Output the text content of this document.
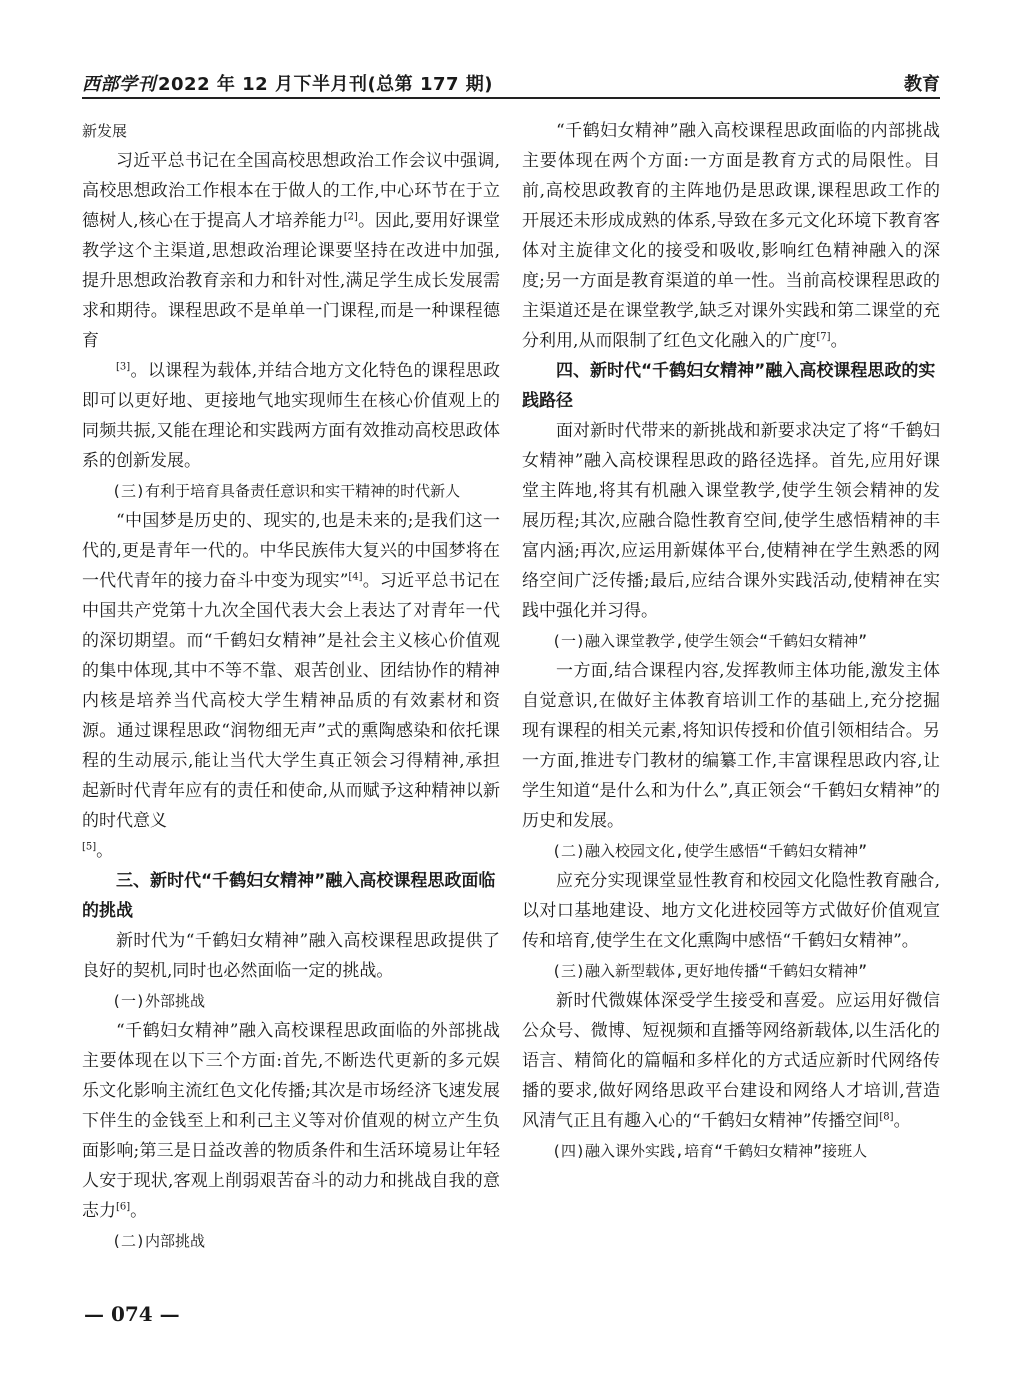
西部学刊 2022 年 12 月下半月刊(总第 177 期)	教育

新发展

习近平总书记在全国高校思想政治工作会议中强调,高校思想政治工作根本在于做人的工作,中心环节在于立德树人,核心在于提高人才培养能力[2]。因此,要用好课堂教学这个主渠道,思想政治理论课要坚持在改进中加强,提升思想政治教育亲和力和针对性,满足学生成长发展需求和期待。课程思政不是单单一门课程,而是一种课程德育

[3]。以课程为载体,并结合地方文化特色的课程思政即可以更好地、更接地气地实现师生在核心价值观上的同频共振,又能在理论和实践两方面有效推动高校思政体系的创新发展。

(三)有利于培育具备责任意识和实干精神的时代新人

“中国梦是历史的、现实的,也是未来的;是我们这一代的,更是青年一代的。中华民族伟大复兴的中国梦将在一代代青年的接力奋斗中变为现实”[4]。习近平总书记在中国共产党第十九次全国代表大会上表达了对青年一代的深切期望。而“千鹤妇女精神”是社会主义核心价值观的集中体现,其中不等不靠、艰苦创业、团结协作的精神内核是培养当代高校大学生精神品质的有效素材和资源。通过课程思政“润物细无声”式的熏陶感染和依托课程的生动展示,能让当代大学生真正领会习得精神,承担起新时代青年应有的责任和使命,从而赋予这种精神以新的时代意义

[5]。

三、新时代“千鹤妇女精神”融入高校课程思政面临的挑战

新时代为“千鹤妇女精神”融入高校课程思政提供了良好的契机,同时也必然面临一定的挑战。

(一)外部挑战

“千鹤妇女精神”融入高校课程思政面临的外部挑战主要体现在以下三个方面:首先,不断迭代更新的多元娱乐文化影响主流红色文化传播;其次是市场经济飞速发展下伴生的金钱至上和利己主义等对价值观的树立产生负面影响;第三是日益改善的物质条件和生活环境易让年轻人安于现状,客观上削弱艰苦奋斗的动力和挑战自我的意志力[6]。

(二)内部挑战

“千鹤妇女精神”融入高校课程思政面临的内部挑战主要体现在两个方面:一方面是教育方式的局限性。目前,高校思政教育的主阵地仍是思政课,课程思政工作的开展还未形成成熟的体系,导致在多元文化环境下教育客体对主旋律文化的接受和吸收,影响红色精神融入的深度;另一方面是教育渠道的单一性。当前高校课程思政的主渠道还是在课堂教学,缺乏对课外实践和第二课堂的充分利用,从而限制了红色文化融入的广度[7]。

四、新时代“千鹤妇女精神”融入高校课程思政的实践路径

面对新时代带来的新挑战和新要求决定了将“千鹤妇女精神”融入高校课程思政的路径选择。首先,应用好课堂主阵地,将其有机融入课堂教学,使学生领会精神的发展历程;其次,应融合隐性教育空间,使学生感悟精神的丰富内涵;再次,应运用新媒体平台,使精神在学生熟悉的网络空间广泛传播;最后,应结合课外实践活动,使精神在实践中强化并习得。

(一)融入课堂教学,使学生领会“千鹤妇女精神”

一方面,结合课程内容,发挥教师主体功能,激发主体自觉意识,在做好主体教育培训工作的基础上,充分挖掘现有课程的相关元素,将知识传授和价值引领相结合。另一方面,推进专门教材的编纂工作,丰富课程思政内容,让学生知道“是什么和为什么”,真正领会“千鹤妇女精神”的历史和发展。

(二)融入校园文化,使学生感悟“千鹤妇女精神”

应充分实现课堂显性教育和校园文化隐性教育融合,以对口基地建设、地方文化进校园等方式做好价值观宣传和培育,使学生在文化熏陶中感悟“千鹤妇女精神”。

(三)融入新型载体,更好地传播“千鹤妇女精神”

新时代微媒体深受学生接受和喜爱。应运用好微信公众号、微博、短视频和直播等网络新载体,以生活化的语言、精简化的篇幅和多样化的方式适应新时代网络传播的要求,做好网络思政平台建设和网络人才培训,营造风清气正且有趣入心的“千鹤妇女精神”传播空间[8]。

(四)融入课外实践,培育“千鹤妇女精神”接班人

— 074 —
